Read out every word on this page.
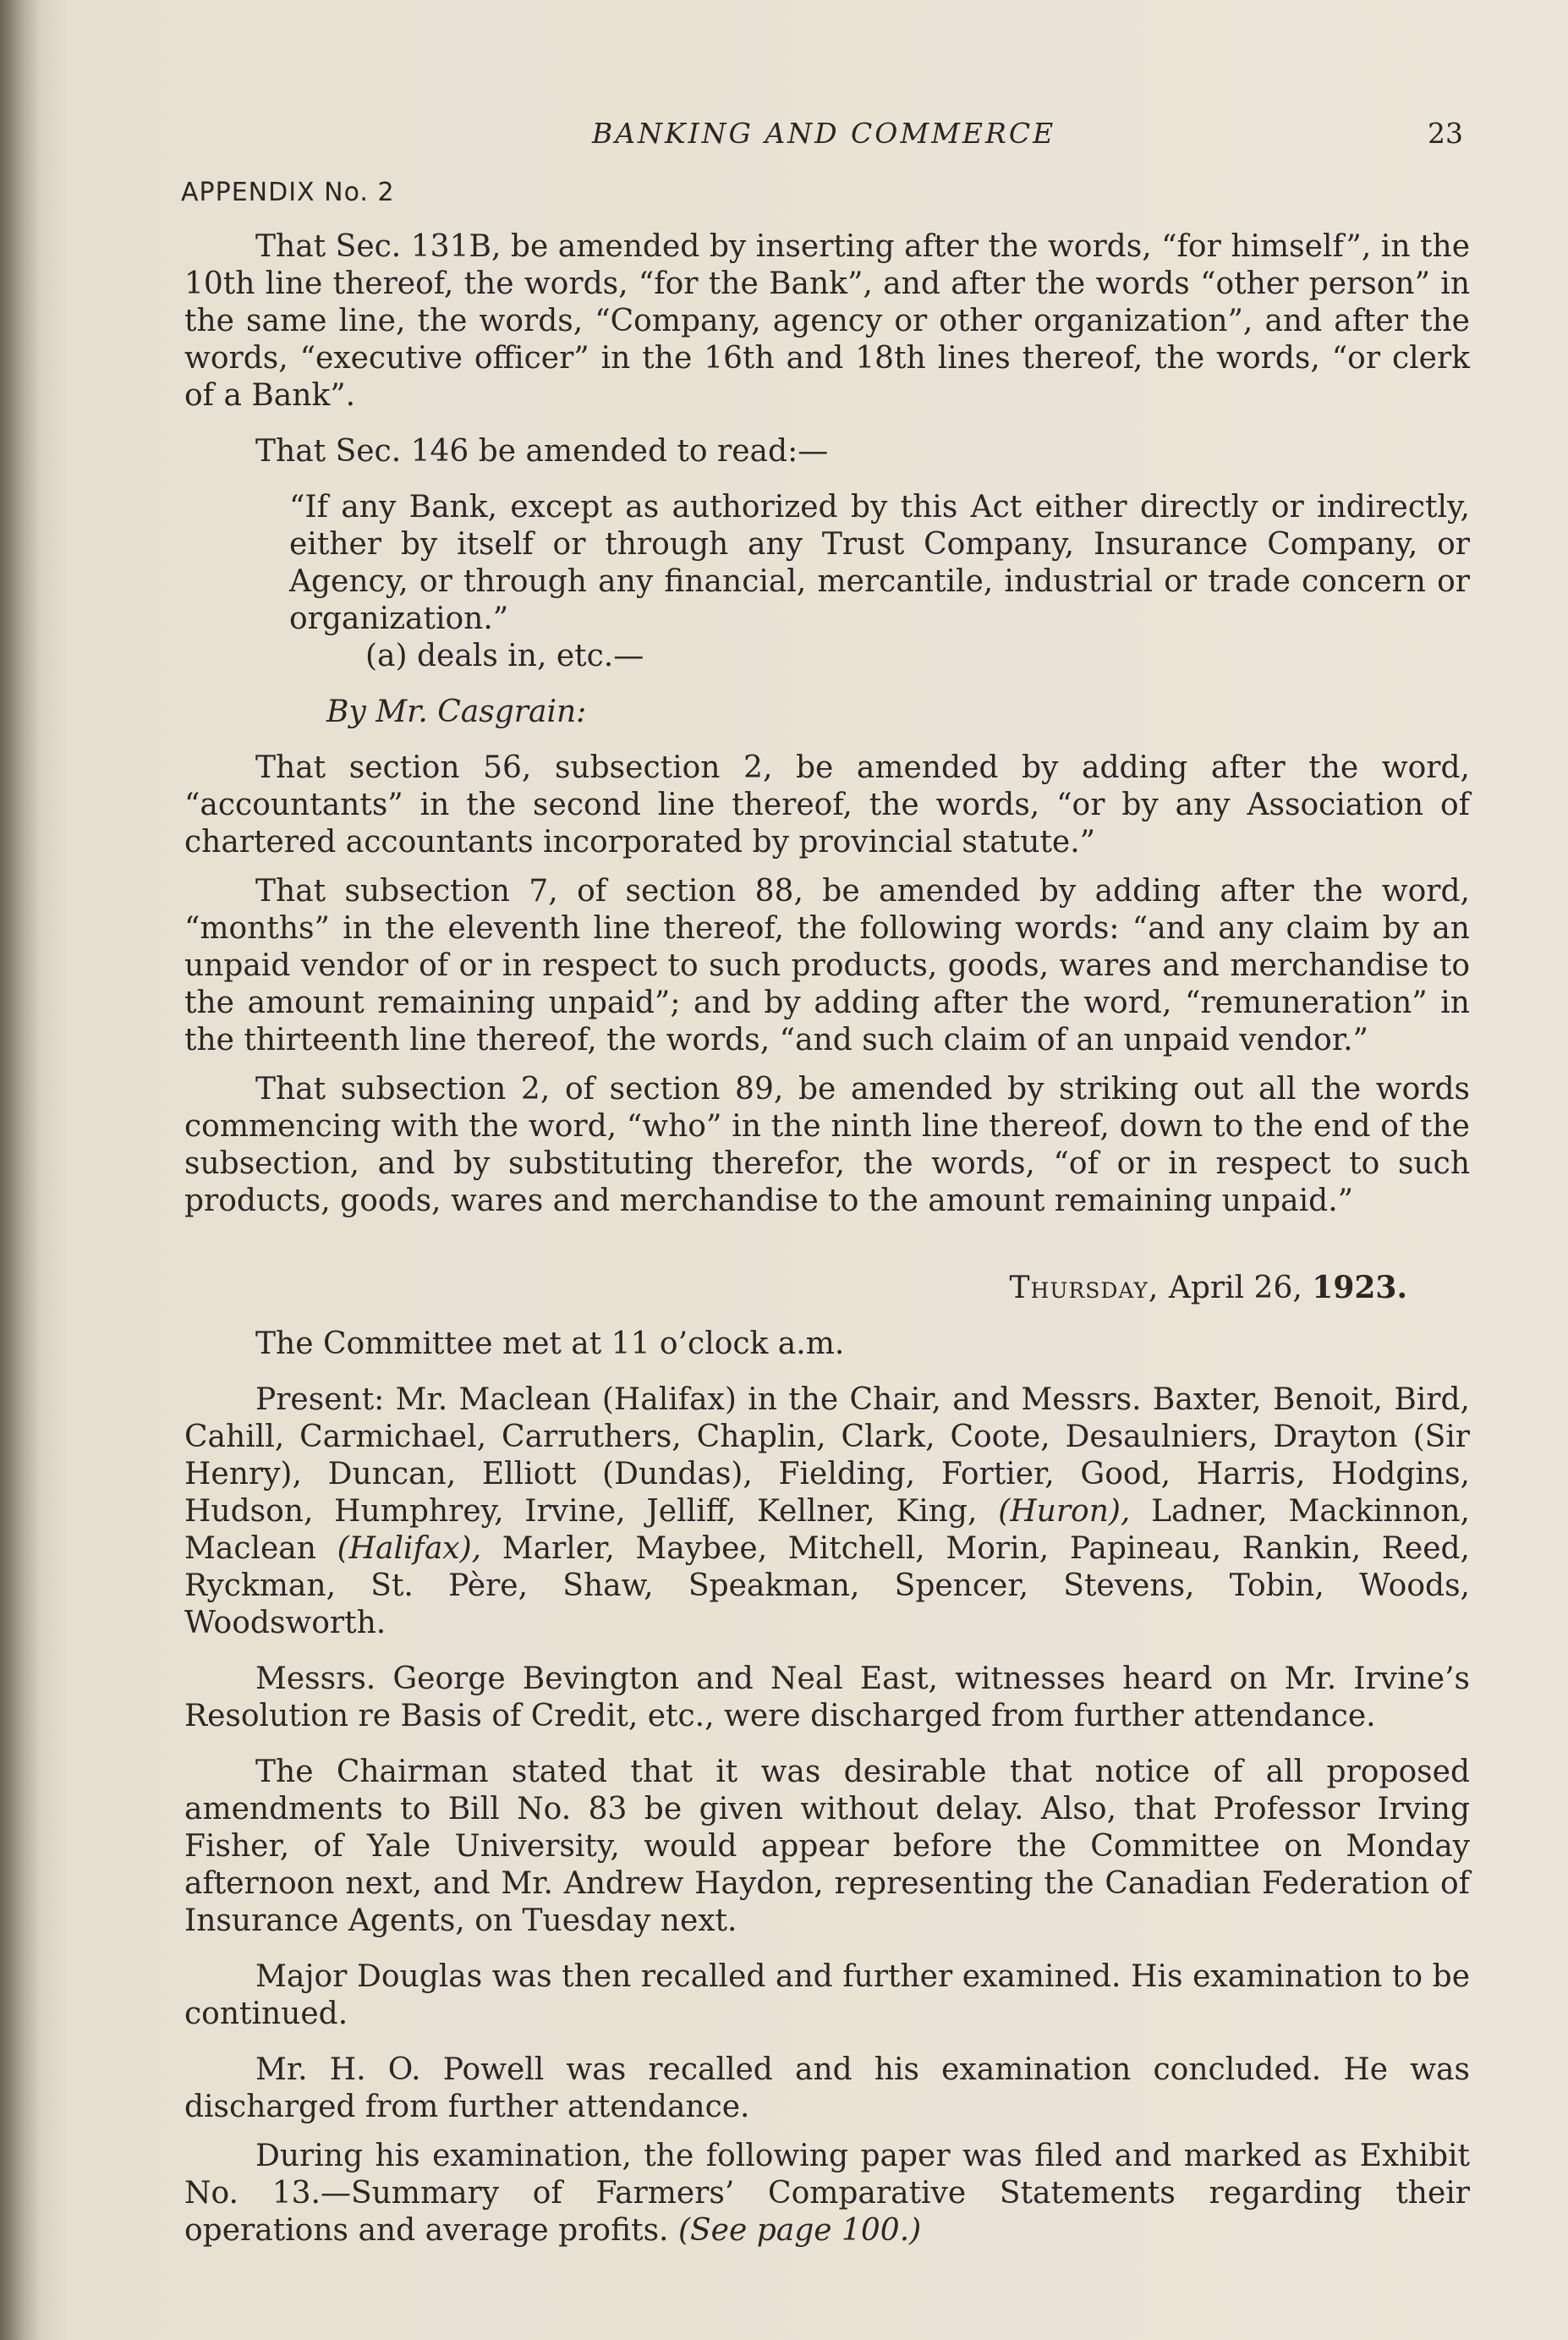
BANKING AND COMMERCE	23
APPENDIX No. 2

That Sec. 131B, be amended by inserting after the words, “for himself”, in the 10th line thereof, the words, “for the Bank”, and after the words “other person” in the same line, the words, “Company, agency or other organization”, and after the words, “executive officer” in the 16th and 18th lines thereof, the words, “or clerk of a Bank”.

That Sec. 146 be amended to read:—

“If any Bank, except as authorized by this Act either directly or indirectly, either by itself or through any Trust Company, Insurance Company, or Agency, or through any financial, mercantile, industrial or trade concern or organization.”

(a) deals in, etc.—

By Mr. Casgrain:

That section 56, subsection 2, be amended by adding after the word, “accountants” in the second line thereof, the words, “or by any Association of chartered accountants incorporated by provincial statute.”

That subsection 7, of section 88, be amended by adding after the word, “months” in the eleventh line thereof, the following words: “and any claim by an unpaid vendor of or in respect to such products, goods, wares and merchandise to the amount remaining unpaid”; and by adding after the word, “remuneration” in the thirteenth line thereof, the words, “and such claim of an unpaid vendor.”

That subsection 2, of section 89, be amended by striking out all the words commencing with the word, “who” in the ninth line thereof, down to the end of the subsection, and by substituting therefor, the words, “of or in respect to such products, goods, wares and merchandise to the amount remaining unpaid.”

Thursday, April 26, 1923.

The Committee met at 11 o’clock a.m.

Present: Mr. Maclean (Halifax) in the Chair, and Messrs. Baxter, Benoit, Bird, Cahill, Carmichael, Carruthers, Chaplin, Clark, Coote, Desaulniers, Drayton (Sir Henry), Duncan, Elliott (Dundas), Fielding, Fortier, Good, Harris, Hodgins, Hudson, Humphrey, Irvine, Jelliff, Kellner, King, (Huron), Ladner, Mackinnon, Maclean (Halifax), Marler, Maybee, Mitchell, Morin, Papineau, Rankin, Reed, Ryckman, St. Père, Shaw, Speakman, Spencer, Stevens, Tobin, Woods, Woodsworth.

Messrs. George Bevington and Neal East, witnesses heard on Mr. Irvine’s Resolution re Basis of Credit, etc., were discharged from further attendance.

The Chairman stated that it was desirable that notice of all proposed amendments to Bill No. 83 be given without delay. Also, that Professor Irving Fisher, of Yale University, would appear before the Committee on Monday afternoon next, and Mr. Andrew Haydon, representing the Canadian Federation of Insurance Agents, on Tuesday next.

Major Douglas was then recalled and further examined. His examination to be continued.

Mr. H. O. Powell was recalled and his examination concluded. He was discharged from further attendance.

During his examination, the following paper was filed and marked as Exhibit No. 13.—Summary of Farmers’ Comparative Statements regarding their operations and average profits. (See page 100.)
